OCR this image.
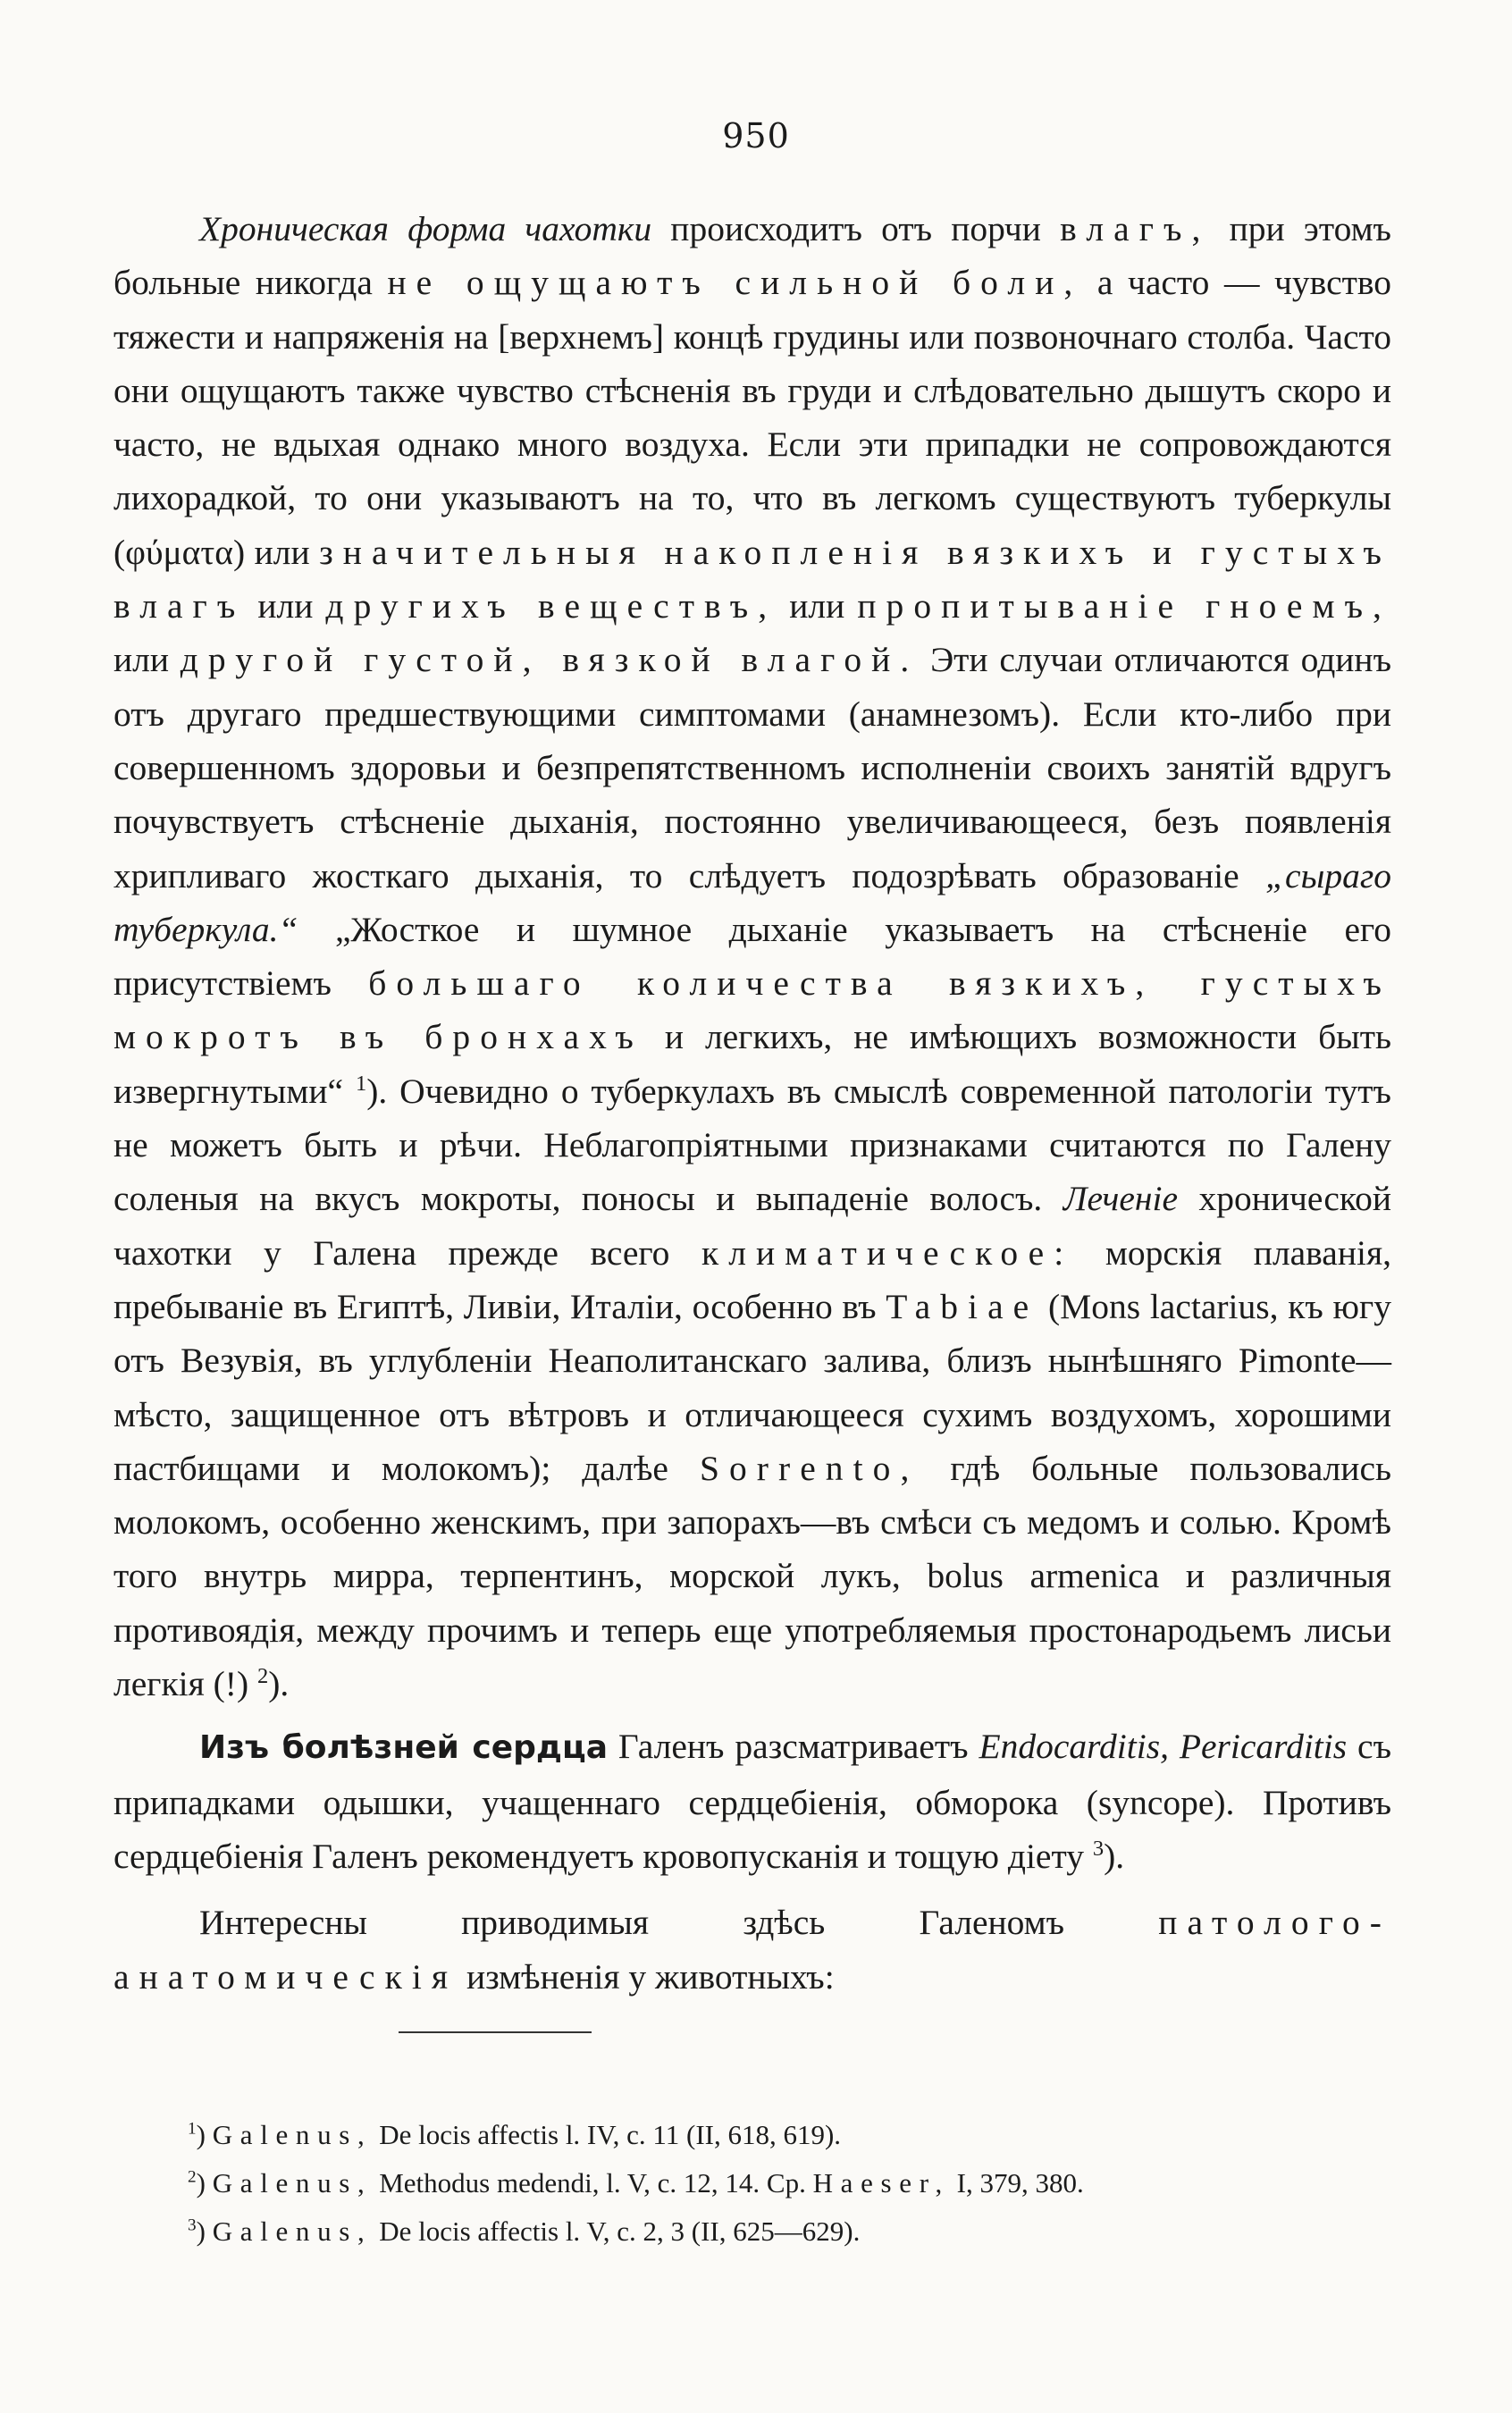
950

Хроническая форма чахотки происходитъ отъ порчи влагъ, при этомъ больные никогда не ощущаютъ сильной боли, а часто — чувство тяжести и напряженія на [верхнемъ] концѣ грудины или позвоночнаго столба. Часто они ощущаютъ также чувство стѣсненія въ груди и слѣдовательно дышутъ скоро и часто, не вдыхая однако много воздуха. Если эти припадки не сопровождаются лихорадкой, то они указываютъ на то, что въ легкомъ существуютъ туберкулы (φύματα) или значительныя накопленія вязкихъ и густыхъ влагъ или другихъ веществъ, или пропитываніе гноемъ, или другой густой, вязкой влагой. Эти случаи отличаются одинъ отъ другаго предшествующими симптомами (анамнезомъ). Если кто-либо при совершенномъ здоровьи и безпрепятственномъ исполненіи своихъ занятій вдругъ почувствуетъ стѣсненіе дыханія, постоянно увеличивающееся, безъ появленія хрипливаго жосткаго дыханія, то слѣдуетъ подозрѣвать образованіе „сыраго туберкула.“ „Жосткое и шумное дыханіе указываетъ на стѣсненіе его присутствіемъ большаго количества вязкихъ, густыхъ мокротъ въ бронхахъ и легкихъ, не имѣющихъ возможности быть извергнутыми“ $^1$). Очевидно о туберкулахъ въ смыслѣ современной патологіи тутъ не можетъ быть и рѣчи. Неблагопріятными признаками считаются по Галену соленыя на вкусъ мокроты, поносы и выпаденіе волосъ. Леченіе хронической чахотки у Галена прежде всего климатическое: морскія плаванія, пребываніе въ Египтѣ, Ливіи, Италіи, особенно въ Tabiae (Mons lactarius, къ югу отъ Везувія, въ углубленіи Неаполитанскаго залива, близъ нынѣшняго Pimonte—мѣсто, защищенное отъ вѣтровъ и отличающееся сухимъ воздухомъ, хорошими пастбищами и молокомъ); далѣе Sorrento, гдѣ больные пользовались молокомъ, особенно женскимъ, при запорахъ—въ смѣси съ медомъ и солью. Кромѣ того внутрь мирра, терпентинъ, морской лукъ, bolus armenica и различныя противоядія, между прочимъ и теперь еще употребляемыя простонародьемъ лисьи легкія (!) $^2$).

Изъ болѣзней сердца Галенъ разсматриваетъ Endocarditis, Pericarditis съ припадками одышки, учащеннаго сердцебіенія, обморока (syncope). Противъ сердцебіенія Галенъ рекомендуетъ кровопусканія и тощую діету $^3$).

Интересны приводимыя здѣсь Галеномъ патолого-анатомическія измѣненія у животныхъ:

$^1$) Galenus, De locis affectis l. IV, c. 11 (II, 618, 619).
$^2$) Galenus, Methodus medendi, l. V, c. 12, 14. Cp. Haeser, I, 379, 380.
$^3$) Galenus, De locis affectis l. V, c. 2, 3 (II, 625—629).
